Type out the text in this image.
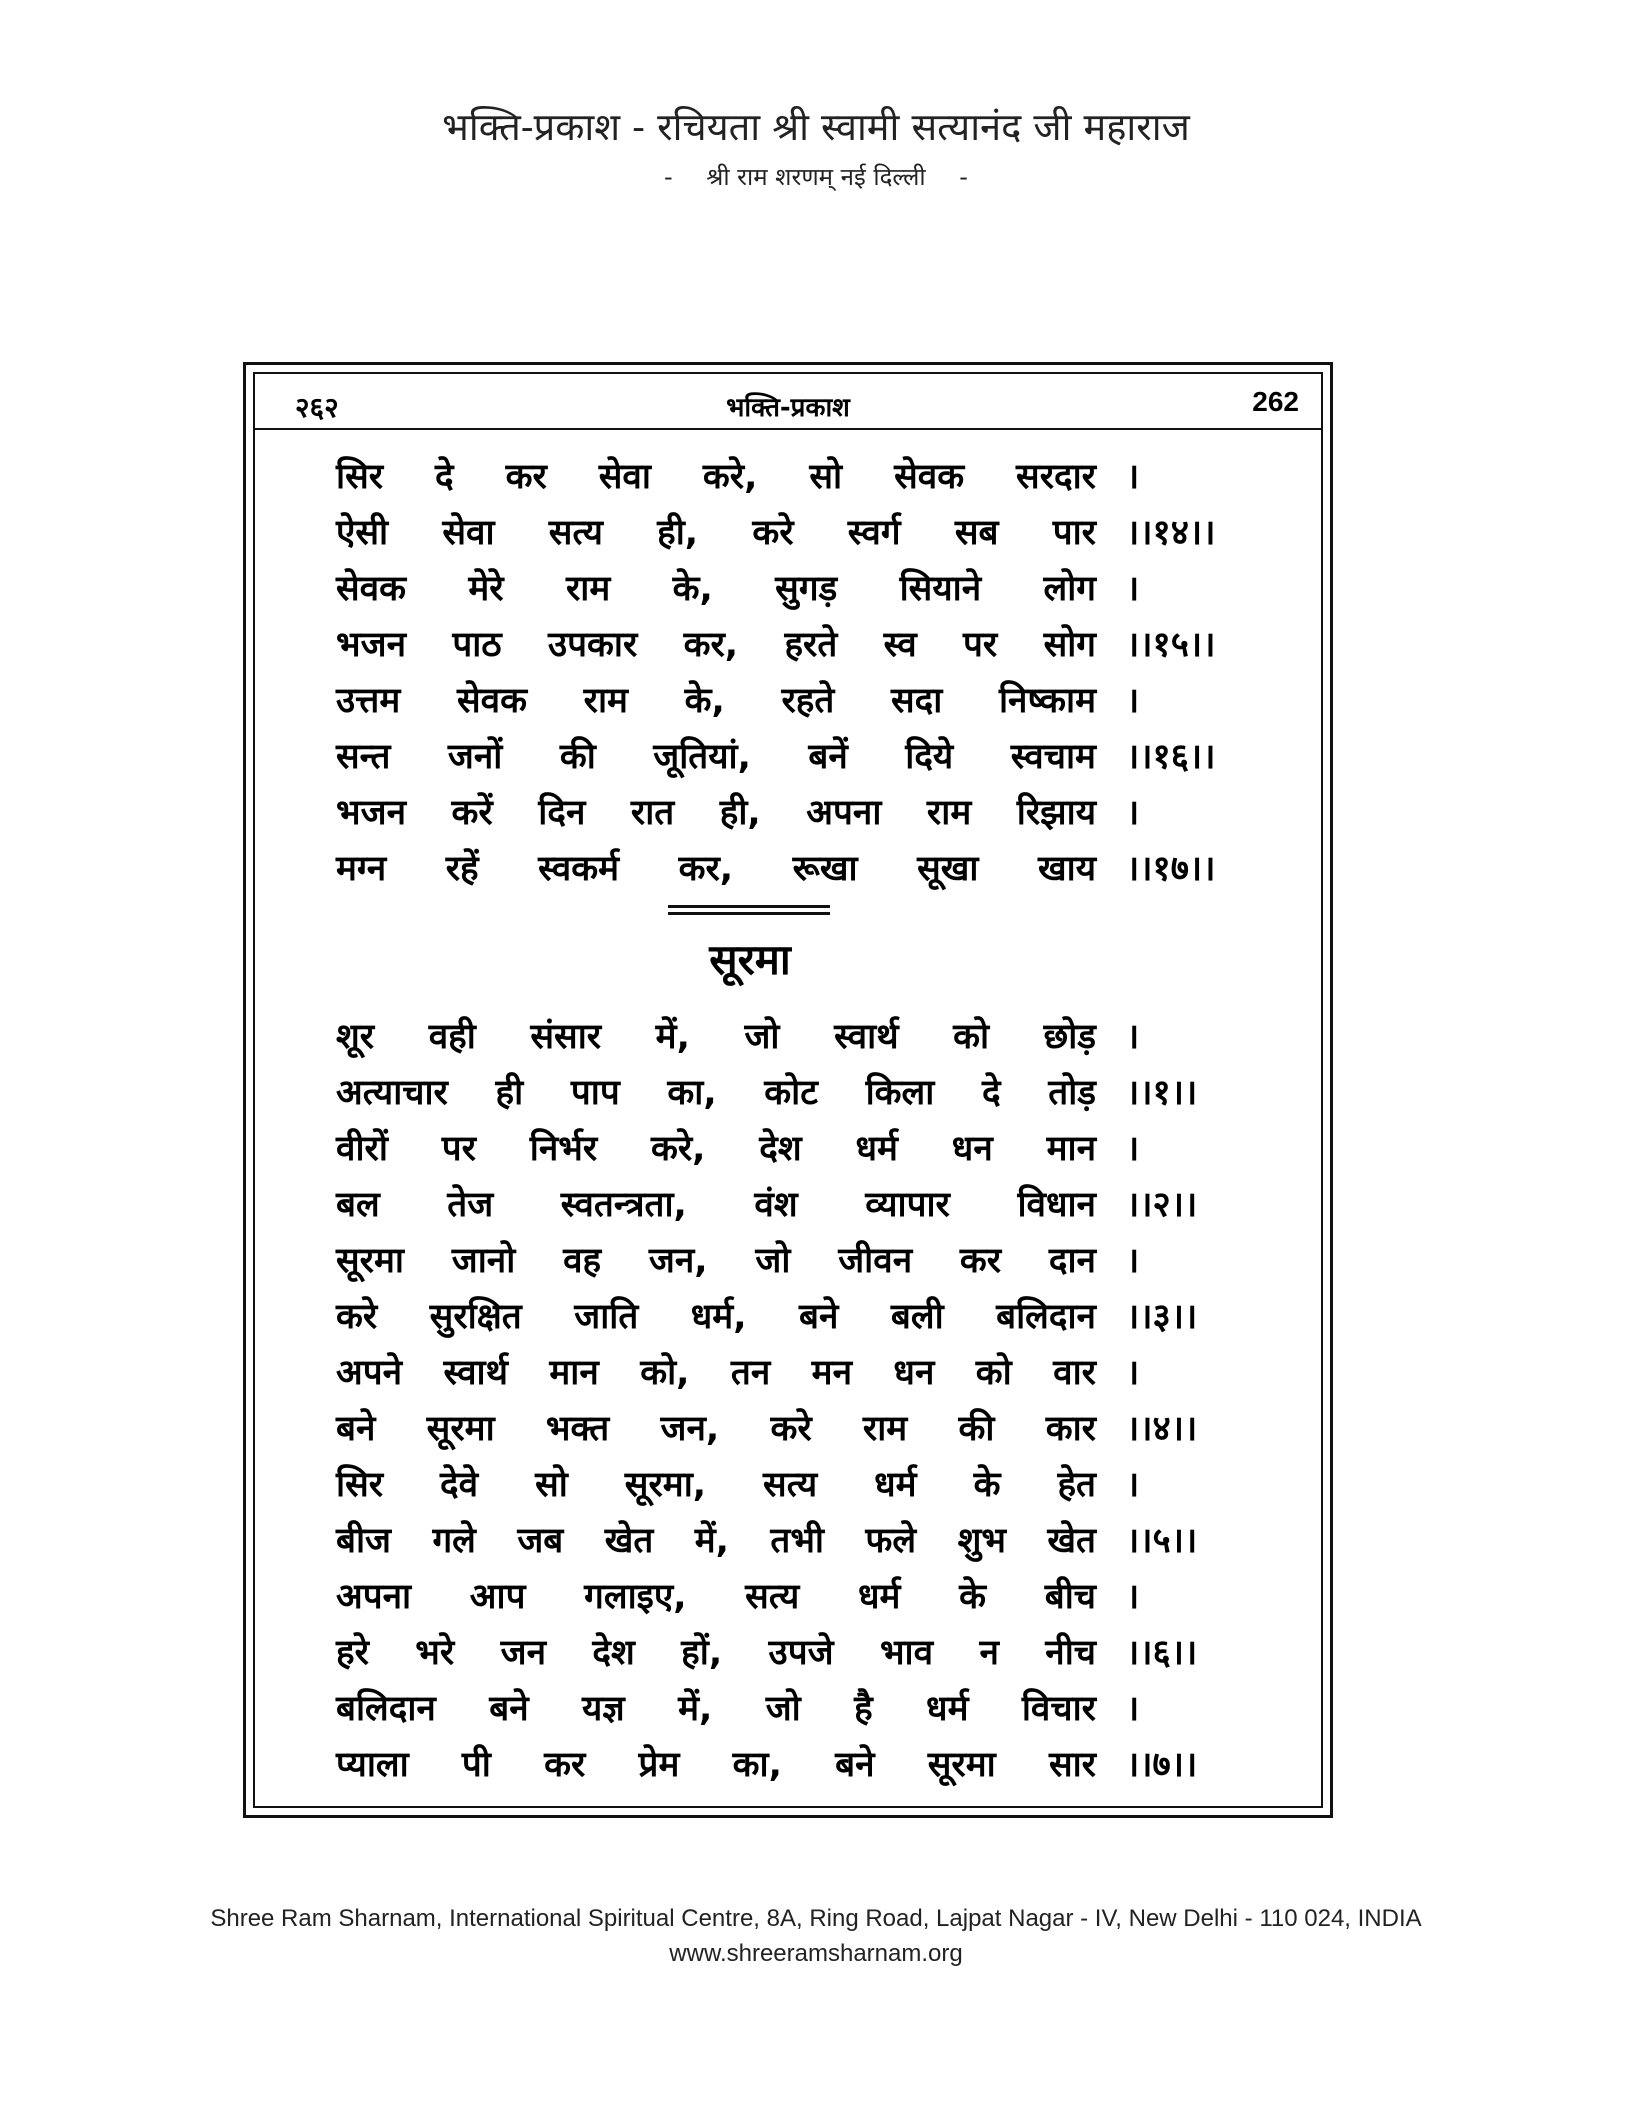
भक्ति-प्रकाश - रचियता श्री स्वामी सत्यानंद जी महाराज
- श्री राम शरणम् नई दिल्ली -
२६२	भक्ति-प्रकाश	262
सिर दे कर सेवा करे, सो सेवक सरदार ।
ऐसी सेवा सत्य ही, करे स्वर्ग सब पार ।।१४।।
सेवक मेरे राम के, सुगड़ सियाने लोग ।
भजन पाठ उपकार कर, हरते स्व पर सोग ।।१५।।
उत्तम सेवक राम के, रहते सदा निष्काम ।
सन्त जनों की जूतियां, बनें दिये स्वचाम ।।१६।।
भजन करें दिन रात ही, अपना राम रिझाय ।
मग्न रहें स्वकर्म कर, रूखा सूखा खाय ।।१७।।
सूरमा
शूर वही संसार में, जो स्वार्थ को छोड़ ।
अत्याचार ही पाप का, कोट किला दे तोड़ ।।१।।
वीरों पर निर्भर करे, देश धर्म धन मान ।
बल तेज स्वतन्त्रता, वंश व्यापार विधान ।।२।।
सूरमा जानो वह जन, जो जीवन कर दान ।
करे सुरक्षित जाति धर्म, बने बली बलिदान ।।३।।
अपने स्वार्थ मान को, तन मन धन को वार ।
बने सूरमा भक्त जन, करे राम की कार ।।४।।
सिर देवे सो सूरमा, सत्य धर्म के हेत ।
बीज गले जब खेत में, तभी फले शुभ खेत ।।५।।
अपना आप गलाइए, सत्य धर्म के बीच ।
हरे भरे जन देश हों, उपजे भाव न नीच ।।६।।
बलिदान बने यज्ञ में, जो है धर्म विचार ।
प्याला पी कर प्रेम का, बने सूरमा सार ।।७।।
Shree Ram Sharnam, International Spiritual Centre, 8A, Ring Road, Lajpat Nagar - IV, New Delhi - 110 024, INDIA
www.shreeramsharnam.org
